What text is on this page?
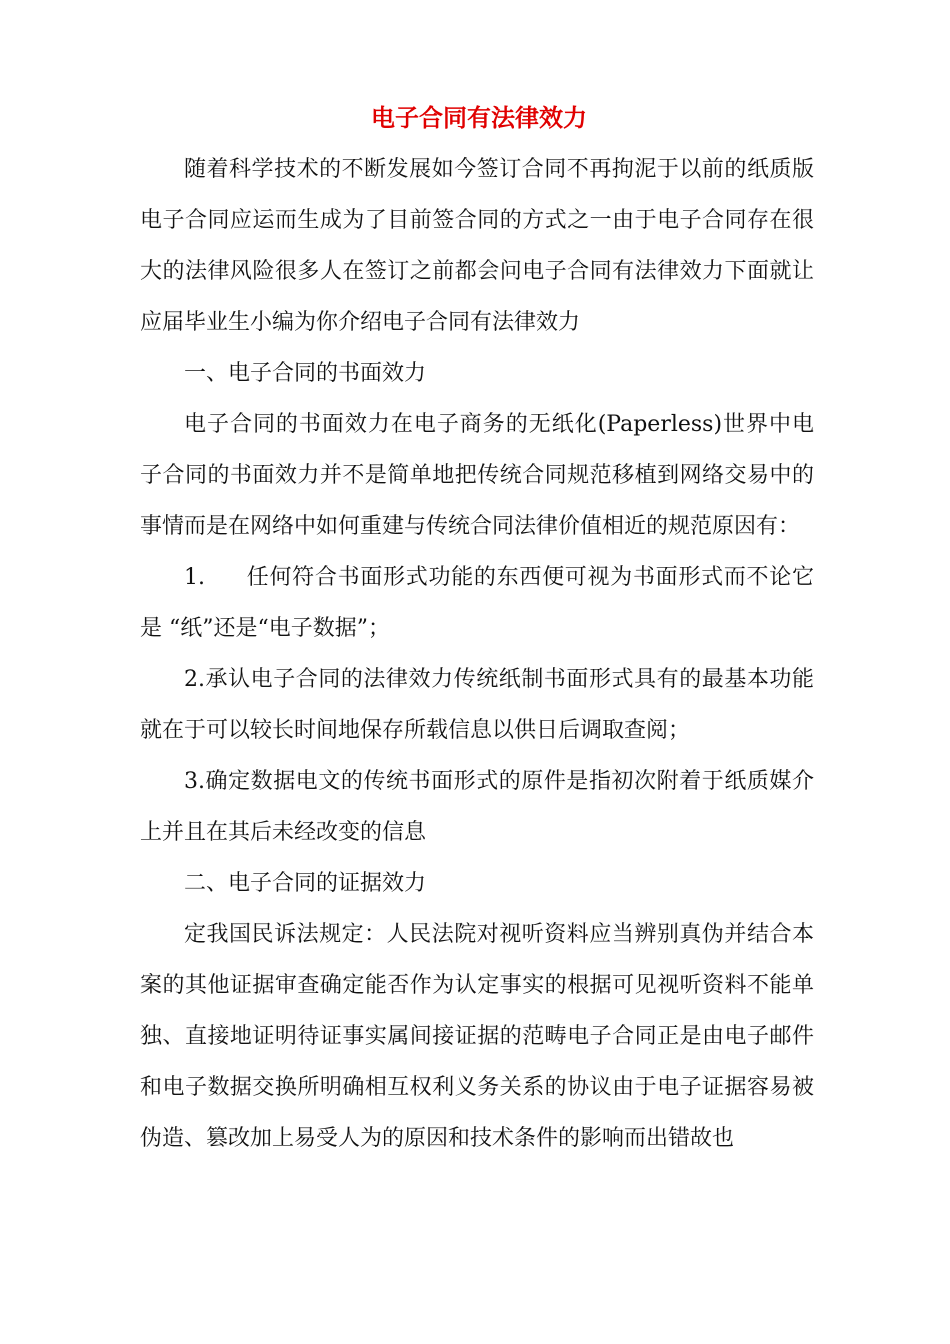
电子合同有法律效力

随着科学技术的不断发展如今签订合同不再拘泥于以前的纸质版电子合同应运而生成为了目前签合同的方式之一由于电子合同存在很大的法律风险很多人在签订之前都会问电子合同有法律效力下面就让应届毕业生小编为你介绍电子合同有法律效力

一、电子合同的书面效力

电子合同的书面效力在电子商务的无纸化(Paperless)世界中电子合同的书面效力并不是简单地把传统合同规范移植到网络交易中的事情而是在网络中如何重建与传统合同法律价值相近的规范原因有：

1. 任何符合书面形式功能的东西便可视为书面形式而不论它是 “纸”还是“电子数据”；

2.承认电子合同的法律效力传统纸制书面形式具有的最基本功能就在于可以较长时间地保存所载信息以供日后调取查阅；

3.确定数据电文的传统书面形式的原件是指初次附着于纸质媒介上并且在其后未经改变的信息

二、电子合同的证据效力

定我国民诉法规定：人民法院对视听资料应当辨别真伪并结合本案的其他证据审查确定能否作为认定事实的根据可见视听资料不能单独、直接地证明待证事实属间接证据的范畴电子合同正是由电子邮件和电子数据交换所明确相互权利义务关系的协议由于电子证据容易被伪造、篡改加上易受人为的原因和技术条件的影响而出错故也
